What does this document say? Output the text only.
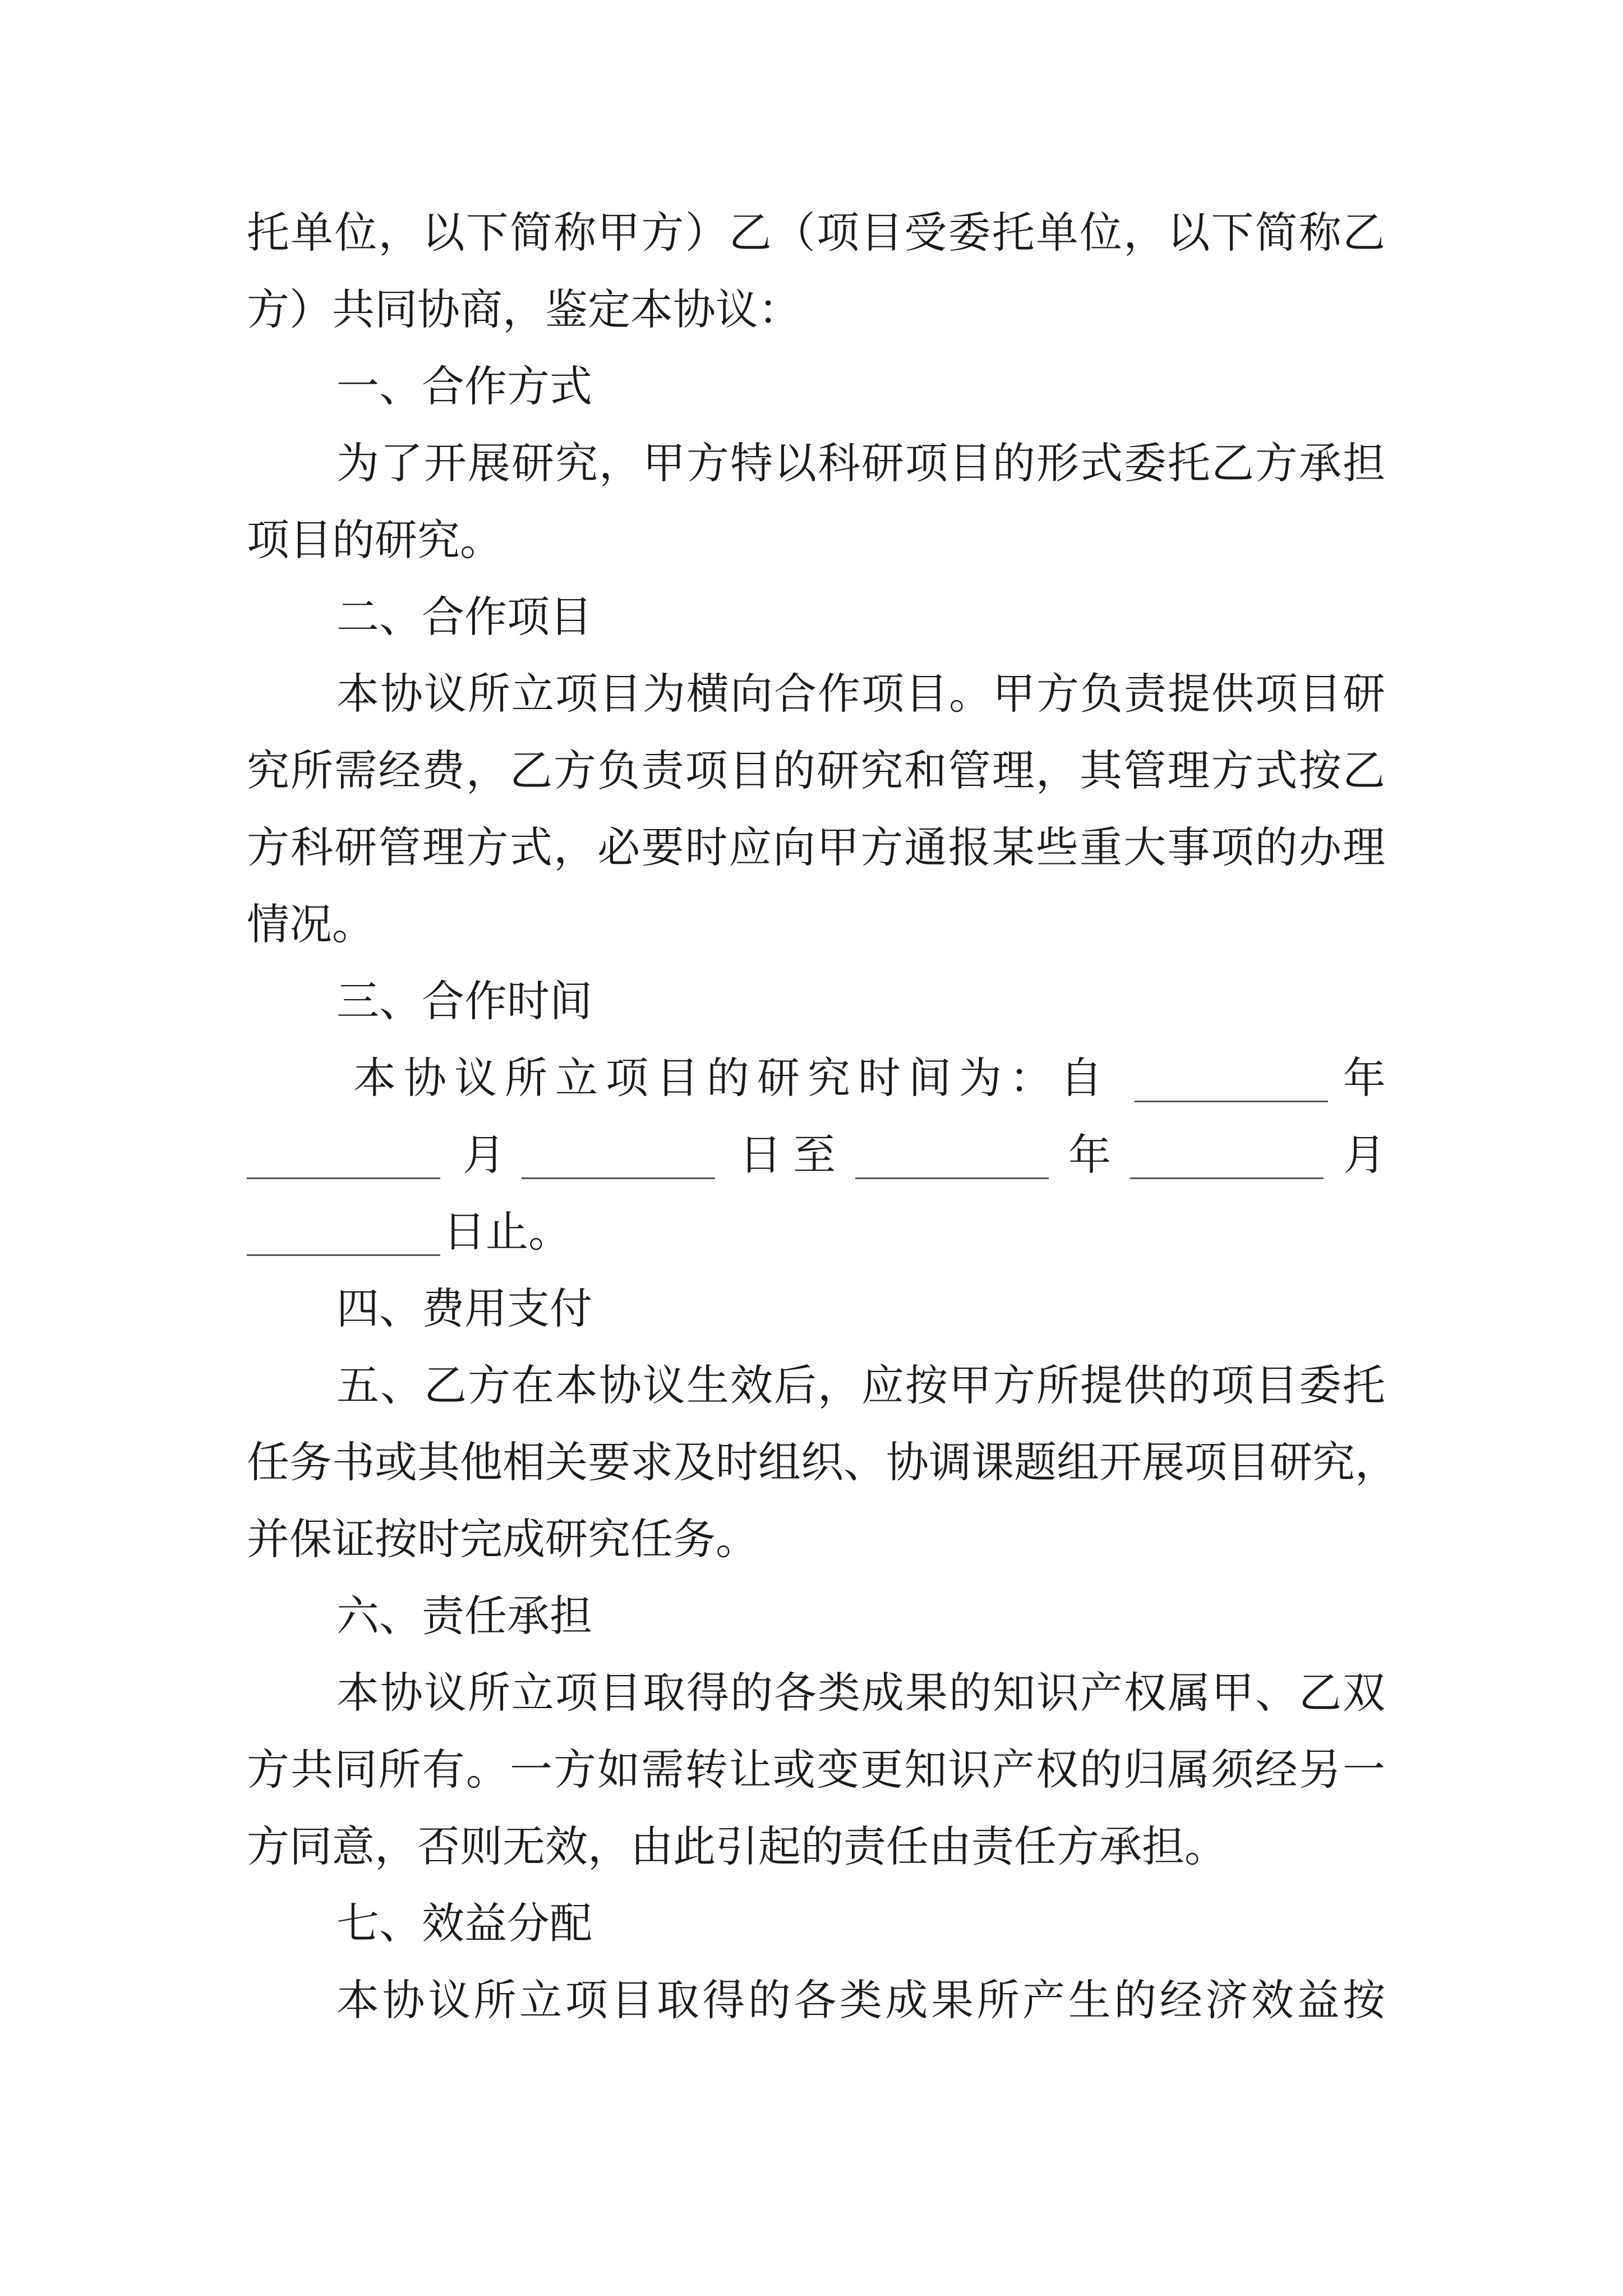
托单位，以下简称甲方）乙（项目受委托单位，以下简称乙
方）共同协商，鉴定本协议：
一、合作方式
为了开展研究，甲方特以科研项目的形式委托乙方承担
项目的研究。
二、合作项目
本协议所立项目为横向合作项目。甲方负责提供项目研
究所需经费，乙方负责项目的研究和管理，其管理方式按乙
方科研管理方式，必要时应向甲方通报某些重大事项的办理
情况。
三、合作时间
本协议所立项目的研究时间为：自	年
月	日至	年	月
日止。
四、费用支付
五、乙方在本协议生效后，应按甲方所提供的项目委托
任务书或其他相关要求及时组织、协调课题组开展项目研究，
并保证按时完成研究任务。
六、责任承担
本协议所立项目取得的各类成果的知识产权属甲、乙双
方共同所有。一方如需转让或变更知识产权的归属须经另一
方同意，否则无效，由此引起的责任由责任方承担。
七、效益分配
本协议所立项目取得的各类成果所产生的经济效益按
